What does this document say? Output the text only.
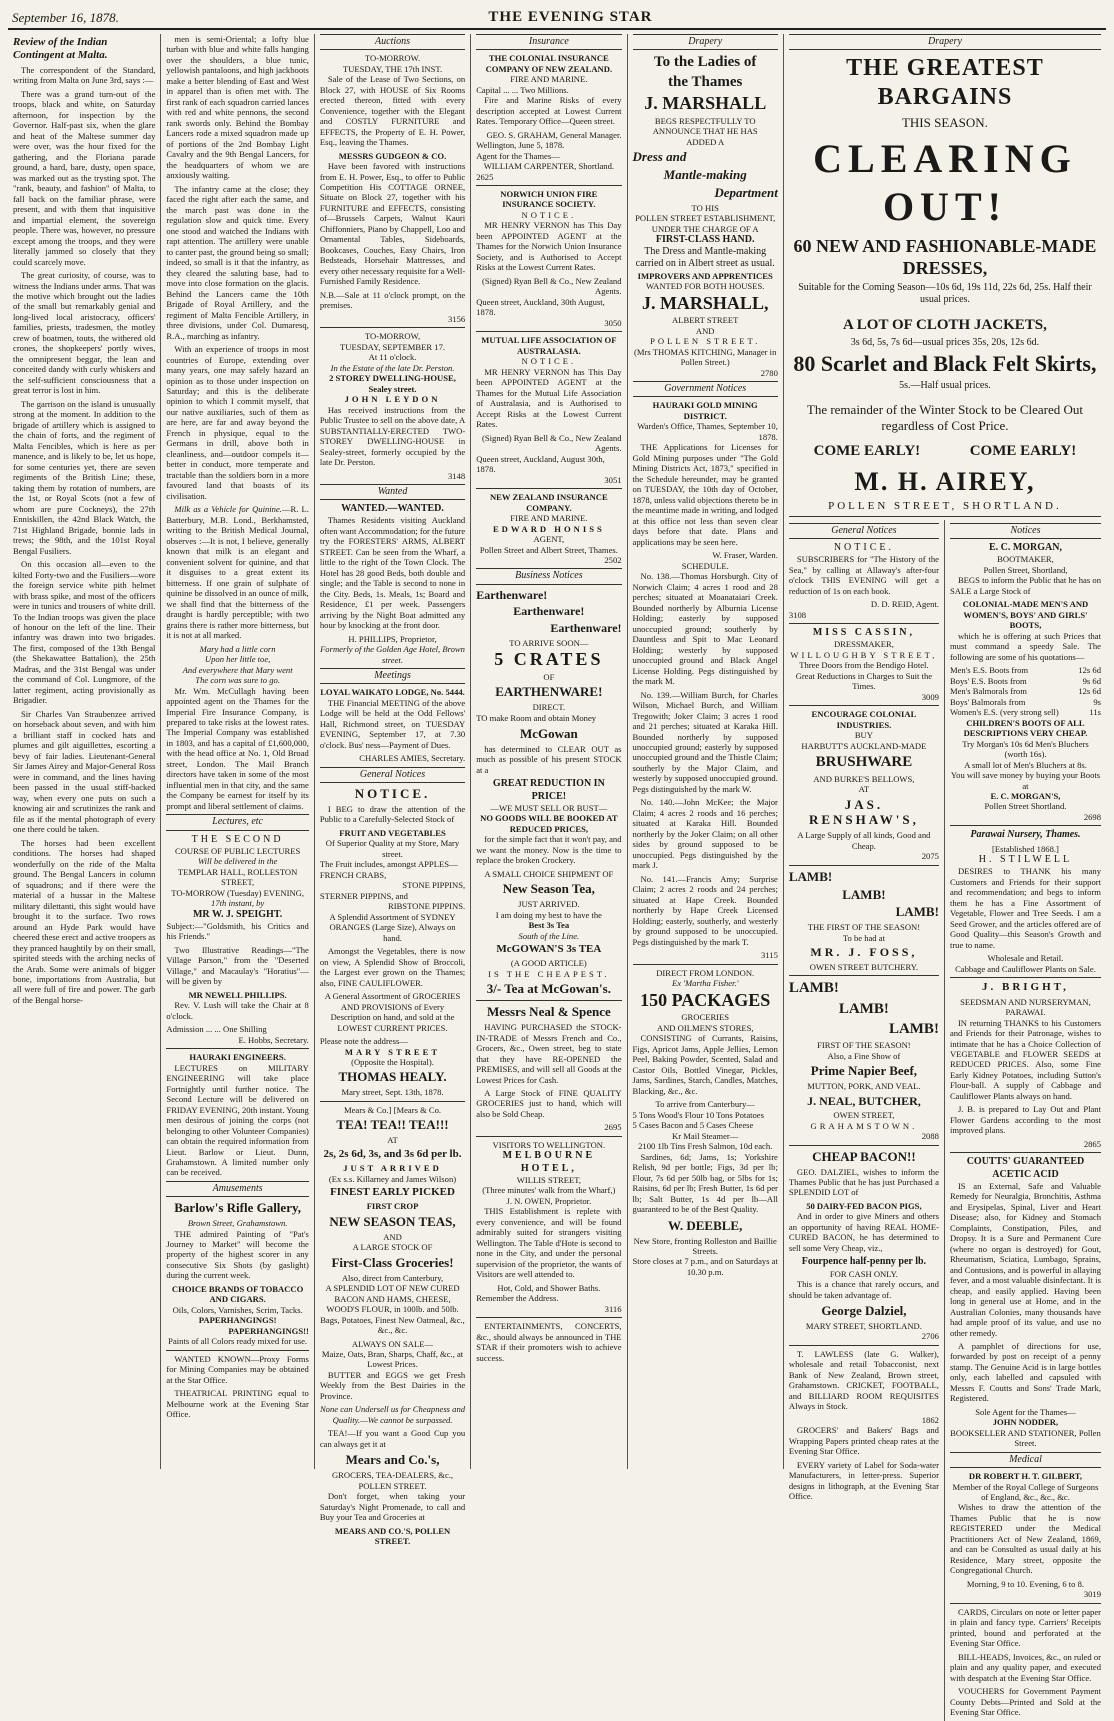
September 16, 1878.	THE EVENING STAR
Review of the Indian Contingent at Malta.

The correspondent of the Standard, writing from Malta on June 3rd, says :—

There was a grand turn-out of the troops, black and white, on Saturday afternoon, for inspection by the Governor. Half-past six, when the glare and heat of the Maltese summer day were over, was the hour fixed for the gathering, and the Floriana parade ground, a hard, bare, dusty, open space, was marked out as the trysting spot. The "rank, beauty, and fashion" of Malta, to fall back on the familiar phrase, were present, and with them that inquisitive and impartial element, the sovereign people. There was, however, no pressure except among the troops, and they were literally jammed so closely that they could scarcely move.

The great curiosity, of course, was to witness the Indians under arms. That was the motive which brought out the ladies of the small but remarkably genial and long-lived local aristocracy, officers' families, priests, tradesmen, the motley crew of boatmen, touts, the withered old crones, the shopkeepers' portly wives, the omnipresent beggar, the lean and conceited dandy with curly whiskers and the self-sufficient consciousness that a great terror is lost in him.

The garrison on the island is unusually strong at the moment. In addition to the brigade of artillery which is assigned to the chain of forts, and the regiment of Malta Fencibles, which is here as per manence, and is likely to be, let us hope, for some centuries yet, there are seven regiments of the British Line; these, taking them by rotation of numbers, are the 1st, or Royal Scots (not a few of whom are pure Cockneys), the 27th Enniskillen, the 42nd Black Watch, the 71st Highland Brigade, bonnie lads in trews; the 98th, and the 101st Royal Bengal Fusiliers.

On this occasion all—even to the kilted Forty-two and the Fusiliers—wore the foreign service white pith helmet with brass spike, and most of the officers were in tunics and trousers of white drill. To the Indian troops was given the place of honour on the left of the line. Their infantry was drawn into two brigades. The first, composed of the 13th Bengal (the Shekawattee Battalion), the 25th Madras, and the 31st Bengal was under the command of Col. Lungmore, of the latter regiment, acting provisionally as Brigadier.

Sir Charles Van Straubenzee arrived on horseback about seven, and with him a brilliant staff in cocked hats and plumes and gilt aiguillettes, escorting a bevy of fair ladies. Lieutenant-General Sir James Airey and Major-General Ross were in command, and the lines having been passed in the usual stiff-backed way, when every one puts on such a knowing air and scrutinizes the rank and file as if the mental photograph of every one there could be taken.

The horses had been excellent conditions. The horses had shaped wonderfully on the ride of the Malta ground. The Bengal Lancers in column of squadrons; and if there were the material of a hussar in the Maltese military dilettanti, this sight would have brought it to the surface. Two rows around an Hyde Park would have cheered these erect and active troopers as they pranced haughtily by on their small, spirited steeds with the arching necks of the Arab. Some were animals of bigger bone, importations from Australia, but all were full of fire and power. The garb of the Bengal horse-

men is semi-Oriental; a lofty blue turban with blue and white falls hanging over the shoulders, a blue tunic, yellowish pantaloons, and high jackboots make a better blending of East and West in apparel than is often met with. The first rank of each squadron carried lances with red and white pennons, the second rank swords only. Behind the Bombay Lancers rode a mixed squadron made up of portions of the 2nd Bombay Light Cavalry and the 9th Bengal Lancers, for the headquarters of whom we are anxiously waiting.

The infantry came at the close; they faced the right after each the same, and the march past was done in the regulation slow and quick time. Every one stood and watched the Indians with rapt attention. The artillery were unable to canter past, the ground being so small; indeed, so small is it that the infantry, as they cleared the saluting base, had to move into close formation on the glacis. Behind the Lancers came the 10th Brigade of Royal Artillery, and the regiment of Malta Fencible Artillery, in three divisions, under Col. Dumaresq, R.A., marching as infantry.

With an experience of troops in most countries of Europe, extending over many years, one may safely hazard an opinion as to those under inspection on Saturday; and this is the deliberate opinion to which I commit myself, that our native auxiliaries, such of them as are here, are far and away beyond the French in physique, equal to the Germans in drill, above both in cleanliness, and—outdoor compels it—better in conduct, more temperate and tractable than the soldiers born in a more favoured land that boasts of its civilisation.

Milk as a Vehicle for Quinine.—R. L. Batterbury, M.B. Lond., Berkhamsted, writing to the British Medical Journal, observes :—It is not, I believe, generally known that milk is an elegant and convenient solvent for quinine, and that it disguises to a great extent its bitterness. If one grain of sulphate of quinine be dissolved in an ounce of milk, we shall find that the bitterness of the draught is hardly perceptible; with two grains there is rather more bitterness, but it is not at all marked.

Mary had a little corn
Upon her little toe,
And everywhere that Mary went
The corn was sure to go.

Mr. Wm. McCullagh having been appointed agent on the Thames for the Imperial Fire Insurance Company, is prepared to take risks at the lowest rates. The Imperial Company was established in 1803, and has a capital of £1,600,000, with the head office at No. 1, Old Broad street, London. The Mail Branch directors have taken in some of the most influential men in that city, and the same the Company be earnest for itself by its prompt and liberal settlement of claims.

Lectures, etc
THE SECOND
COURSE OF PUBLIC LECTURES
Will be delivered in the
TEMPLAR HALL, ROLLESTON STREET,
TO-MORROW (Tuesday) EVENING,
17th instant, by
MR W. J. SPEIGHT.

Subject:—"Goldsmith, his Critics and his Friends."

Two Illustrative Readings—"The Village Parson," from the "Deserted Village," and Macaulay's "Horatius"—will be given by

MR NEWELL PHILLIPS.

Rev. V. Lush will take the Chair at 8 o'clock.

Admission ... ... One Shilling
E. Hobbs, Secretary.
HAURAKI ENGINEERS.

LECTURES on MILITARY ENGINEERING will take place Fortnightly until further notice. The Second Lecture will be delivered on FRIDAY EVENING, 20th instant. Young men desirous of joining the corps (not belonging to other Volunteer Companies) can obtain the required information from Lieut. Barlow or Lieut. Dunn, Grahamstown. A limited number only can be received.

Amusements
Barlow's Rifle Gallery,
Brown Street, Grahamstown.

THE admired Painting of "Pat's Journey to Market" will become the property of the highest scorer in any consecutive Six Shots (by gaslight) during the current week.

CHOICE BRANDS OF TOBACCO AND CIGARS.
Oils, Colors, Varnishes, Scrim, Tacks.
PAPERHANGINGS!
PAPERHANGINGS!!
Paints of all Colors ready mixed for use.

WANTED KNOWN—Proxy Forms for Mining Companies may be obtained at the Star Office.

THEATRICAL PRINTING equal to Melbourne work at the Evening Star Office.

Auctions
TO-MORROW.
TUESDAY, THE 17th INST.

Sale of the Lease of Two Sections, on Block 27, with HOUSE of Six Rooms erected thereon, fitted with every Convenience, together with the Elegant and COSTLY FURNITURE and EFFECTS, the Property of E. H. Power, Esq., leaving the Thames.

MESSRS GUDGEON & CO.

Have been favored with instructions from E. H. Power, Esq., to offer to Public Competition His COTTAGE ORNEE, Situate on Block 27, together with his FURNITURE and EFFECTS, consisting of—Brussels Carpets, Walnut Kauri Chiffonniers, Piano by Chappell, Loo and Ornamental Tables, Sideboards, Bookcases, Couches, Easy Chairs, Iron Bedsteads, Horsehair Mattresses, and every other necessary requisite for a Well-Furnished Family Residence.

N.B.—Sale at 11 o'clock prompt, on the premises.

3156
TO-MORROW,
TUESDAY, SEPTEMBER 17.
At 11 o'clock.
In the Estate of the late Dr. Perston.
2 STOREY DWELLING-HOUSE, Sealey street.
JOHN LEYDON

Has received instructions from the Public Trustee to sell on the above date, A SUBSTANTIALLY-ERECTED TWO-STOREY DWELLING-HOUSE in Sealey-street, formerly occupied by the late Dr. Perston.

3148
Wanted
WANTED.—WANTED.

Thames Residents visiting Auckland often want Accommodation; for the future try the FORESTERS' ARMS, ALBERT STREET. Can be seen from the Wharf, a little to the right of the Town Clock. The Hotel has 28 good Beds, both double and single; and the Table is second to none in the City. Beds, 1s. Meals, 1s; Board and Residence, £1 per week. Passengers arriving by the Night Boat admitted any hour by knocking at the front door.

H. PHILLIPS, Proprietor,
Formerly of the Golden Age Hotel, Brown street.
Meetings
LOYAL WAIKATO LODGE, No. 5444.

THE Financial MEETING of the above Lodge will be held at the Odd Fellows' Hall, Richmond street, on TUESDAY EVENING, September 17, at 7.30 o'clock. Bus' ness—Payment of Dues.

CHARLES AMIES, Secretary.
General Notices
NOTICE.

I BEG to draw the attention of the Public to a Carefully-Selected Stock of

FRUIT AND VEGETABLES
Of Superior Quality at my Store, Mary street.
The Fruit includes, amongst APPLES—
FRENCH CRABS,
STONE PIPPINS,
STERNER PIPPINS, and
RIBSTONE PIPPINS.

A Splendid Assortment of SYDNEY ORANGES (Large Size), Always on hand.

Amongst the Vegetables, there is now on view, A Splendid Show of Broccoli, the Largest ever grown on the Thames; also, FINE CAULIFLOWER.

A General Assortment of GROCERIES AND PROVISIONS of Every Description on hand, and sold at the LOWEST CURRENT PRICES.

Please note the address—
MARY STREET
(Opposite the Hospital).
THOMAS HEALY.
Mary street, Sept. 13th, 1878.
Mears & Co.] [Mears & Co.
TEA! TEA!! TEA!!!
AT
2s, 2s 6d, 3s, and 3s 6d per lb.
JUST ARRIVED
(Ex s.s. Killarney and James Wilson)
FINEST EARLY PICKED
FIRST CROP
NEW SEASON TEAS,
AND
A LARGE STOCK OF
First-Class Groceries!
Also, direct from Canterbury,

A SPLENDID LOT OF NEW CURED BACON AND HAMS, CHEESE, WOOD'S FLOUR, in 100lb. and 50lb. Bags, Potatoes, Finest New Oatmeal, &c., &c., &c.

ALWAYS ON SALE—
Maize, Oats, Bran, Sharps, Chaff, &c., at Lowest Prices.

BUTTER and EGGS we get Fresh Weekly from the Best Dairies in the Province.

None can Undersell us for Cheapness and Quality.—We cannot be surpassed.

TEA!—If you want a Good Cup you can always get it at

Mears and Co.'s,
GROCERS, TEA-DEALERS, &c., POLLEN STREET.

Don't forget, when taking your Saturday's Night Promenade, to call and Buy your Tea and Groceries at

MEARS AND CO.'S, POLLEN STREET.
Insurance
THE COLONIAL INSURANCE COMPANY OF NEW ZEALAND.
FIRE AND MARINE.
Capital ... ... Two Millions.

Fire and Marine Risks of every description accepted at Lowest Current Rates. Temporary Office—Queen street.

GEO. S. GRAHAM, General Manager.
Wellington, June 5, 1878.
Agent for the Thames—
WILLIAM CARPENTER, Shortland.
2625
NORWICH UNION FIRE INSURANCE SOCIETY.
NOTICE.

MR HENRY VERNON has This Day been APPOINTED AGENT at the Thames for the Norwich Union Insurance Society, and is Authorised to Accept Risks at the Lowest Current Rates.

(Signed) Ryan Bell & Co., New Zealand Agents.
Queen street, Auckland, 30th August, 1878.
3050
MUTUAL LIFE ASSOCIATION OF AUSTRALASIA.
NOTICE.

MR HENRY VERNON has This Day been APPOINTED AGENT at the Thames for the Mutual Life Association of Australasia, and is Authorised to Accept Risks at the Lowest Current Rates.

(Signed) Ryan Bell & Co., New Zealand Agents.
Queen street, Auckland, August 30th, 1878.
3051
NEW ZEALAND INSURANCE COMPANY.
FIRE AND MARINE.
EDWARD HONISS
AGENT,
Pollen Street and Albert Street, Thames.
2502
Business Notices
Earthenware!
Earthenware!
Earthenware!
TO ARRIVE SOON—
5 CRATES
OF
EARTHENWARE!
DIRECT.

TO make Room and obtain Money

McGowan

has determined to CLEAR OUT as much as possible of his present STOCK at a

GREAT REDUCTION IN PRICE!
—WE MUST SELL OR BUST—
NO GOODS WILL BE BOOKED AT REDUCED PRICES,

for the simple fact that it won't pay, and we want the money. Now is the time to replace the broken Crockery.

A SMALL CHOICE SHIPMENT OF
New Season Tea,
JUST ARRIVED.
I am doing my best to have the
Best 3s Tea
South of the Line.
McGOWAN'S 3s TEA
(A GOOD ARTICLE)
IS THE CHEAPEST.
3/- Tea at McGowan's.
Messrs Neal & Spence

HAVING PURCHASED the STOCK-IN-TRADE of Messrs French and Co., Grocers, &c., Owen street, beg to state that they have RE-OPENED the PREMISES, and will sell all Goods at the Lowest Prices for Cash.

A Large Stock of FINE QUALITY GROCERIES just to hand, which will also be Sold Cheap.

2695
VISITORS TO WELLINGTON.
MELBOURNE HOTEL,
WILLIS STREET,
(Three minutes' walk from the Wharf,)
J. N. OWEN, Proprietor.

THIS Establishment is replete with every convenience, and will be found admirably suited for strangers visiting Wellington. The Table d'Hote is second to none in the City, and under the personal supervision of the proprietor, the wants of Visitors are well attended to.

Hot, Cold, and Shower Baths.
Remember the Address.
3116

ENTERTAINMENTS, CONCERTS, &c., should always be announced in THE STAR if their promoters wish to achieve success.

Drapery
To the Ladies of
the Thames
J. MARSHALL
BEGS RESPECTFULLY TO ANNOUNCE THAT HE HAS
ADDED A
Dress and
Mantle-making
Department
TO HIS
POLLEN STREET ESTABLISHMENT,
UNDER THE CHARGE OF A
FIRST-CLASS HAND.
The Dress and Mantle-making carried on in Albert street as usual.
IMPROVERS AND APPRENTICES
WANTED FOR BOTH HOUSES.
J. MARSHALL,
ALBERT STREET
AND
POLLEN STREET.
(Mrs THOMAS KITCHING, Manager in Pollen Street.)
2780
Government Notices
HAURAKI GOLD MINING DISTRICT.
Warden's Office, Thames, September 10, 1878.

THE Applications for Licenses for Gold Mining purposes under "The Gold Mining Districts Act, 1873," specified in the Schedule hereunder, may be granted on TUESDAY, the 10th day of October, 1878, unless valid objections thereto be in the meantime made in writing, and lodged at this office not less than seven clear days before that date. Plans and applications may be seen here.

W. Fraser, Warden.
SCHEDULE.

No. 138.—Thomas Horsburgh. City of Norwich Claim; 4 acres 1 rood and 28 perches; situated at Moanataiari Creek. Bounded northerly by Alburnia License Holding; easterly by supposed unoccupied ground; southerly by Dauntless and Spit to Mac Leonard Holding; westerly by supposed unoccupied ground and Black Angel License Holding. Pegs distinguished by the mark M.

No. 139.—William Burch, for Charles Wilson, Michael Burch, and William Tregowith; Joker Claim; 3 acres 1 rood and 21 perches; situated at Karaka Hill. Bounded northerly by supposed unoccupied ground; easterly by supposed unoccupied ground and the Thistle Claim; southerly by the Major Claim, and westerly by supposed unoccupied ground. Pegs distinguished by the mark W.

No. 140.—John McKee; the Major Claim; 4 acres 2 roods and 16 perches; situated at Karaka Hill. Bounded northerly by the Joker Claim; on all other sides by ground supposed to be unoccupied. Pegs distinguished by the mark J.

No. 141.—Francis Amy; Surprise Claim; 2 acres 2 roods and 24 perches; situated at Hape Creek. Bounded northerly by Hape Creek Licensed Holding; easterly, southerly, and westerly by ground supposed to be unoccupied. Pegs distinguished by the mark T.

3115
DIRECT FROM LONDON.
Ex 'Martha Fisher.'
150 PACKAGES
GROCERIES
AND OILMEN'S STORES,

CONSISTING of Currants, Raisins, Figs, Apricot Jams, Apple Jellies, Lemon Peel, Baking Powder, Scented, Salad and Castor Oils, Bottled Vinegar, Pickles, Jams, Sardines, Starch, Candles, Matches, Blacking, &c., &c.

To arrive from Canterbury—
5 Tons Wood's Flour 10 Tons Potatoes
5 Cases Bacon and 5 Cases Cheese
Kr Mail Steamer—
2100 1lb Tins Fresh Salmon, 10d each.

Sardines, 6d; Jams, 1s; Yorkshire Relish, 9d per bottle; Figs, 3d per lb; Flour, 7s 6d per 50lb bag, or 5lbs for 1s; Raisins, 6d per lb; Fresh Butter, 1s 6d per lb; Salt Butter, 1s 4d per lb—All guaranteed to be of the Best Quality.

W. DEEBLE,
New Store, fronting Rolleston and Baillie Streets.
Store closes at 7 p.m., and on Saturdays at 10.30 p.m.
Drapery
THE GREATEST BARGAINS
THIS SEASON.
CLEARING OUT!
60 NEW AND FASHIONABLE-MADE DRESSES,
Suitable for the Coming Season—10s 6d, 19s 11d, 22s 6d, 25s. Half their usual prices.
A LOT OF CLOTH JACKETS,
3s 6d, 5s, 7s 6d—usual prices 35s, 20s, 12s 6d.
80 Scarlet and Black Felt Skirts,
5s.—Half usual prices.
The remainder of the Winter Stock to be Cleared Out regardless of Cost Price.
COME EARLY!	COME EARLY!
M. H. AIREY,
POLLEN STREET, SHORTLAND.
General Notices
NOTICE.

SUBSCRIBERS for "The History of the Sea," by calling at Allaway's after-four o'clock THIS EVENING will get a reduction of 1s on each book.

D. D. REID, Agent.
3108
MISS CASSIN,
DRESSMAKER,
WILLOUGHBY STREET,
Three Doors from the Bendigo Hotel.
Great Reductions in Charges to Suit the Times.
3009
ENCOURAGE COLONIAL INDUSTRIES.
BUY
HARBUTT'S AUCKLAND-MADE
BRUSHWARE
AND BURKE'S BELLOWS,
AT
JAS. RENSHAW'S,
A Large Supply of all kinds, Good and Cheap.
2075
LAMB!
LAMB!
LAMB!
THE FIRST OF THE SEASON!
To be had at
MR. J. FOSS,
OWEN STREET BUTCHERY.
LAMB!
LAMB!
LAMB!
FIRST OF THE SEASON!
Also, a Fine Show of
Prime Napier Beef,
MUTTON, PORK, AND VEAL.
J. NEAL, BUTCHER,
OWEN STREET,
GRAHAMSTOWN.
2088
CHEAP BACON!!

GEO. DALZIEL, wishes to inform the Thames Public that he has just Purchased a SPLENDID LOT of

50 DAIRY-FED BACON PIGS,

And in order to give Miners and others an opportunity of having REAL HOME-CURED BACON, he has determined to sell some Very Cheap, viz.,

Fourpence half-penny per lb.
FOR CASH ONLY.

This is a chance that rarely occurs, and should be taken advantage of.

George Dalziel,
MARY STREET, SHORTLAND.
2706

T. LAWLESS (late G. Walker), wholesale and retail Tobacconist, next Bank of New Zealand, Brown street, Grahamstown. CRICKET, FOOTBALL, and BILLIARD ROOM REQUISITES Always in Stock.

1862

GROCERS' and Bakers' Bags and Wrapping Papers printed cheap rates at the Evening Star Office.

EVERY variety of Label for Soda-water Manufacturers, in letter-press. Superior designs in lithograph, at the Evening Star Office.

Notices
E. C. MORGAN,
BOOTMAKER,
Pollen Street, Shortland,

BEGS to inform the Public that he has on SALE a Large Stock of

COLONIAL-MADE MEN'S AND WOMEN'S, BOYS' AND GIRLS' BOOTS,

which he is offering at such Prices that must command a speedy Sale. The following are some of his quotations—

Men's E.S. Boots from	12s 6d
Boys' E.S. Boots from	9s 6d
Men's Balmorals from	12s 6d
Boys' Balmorals from	9s
Women's E.S. (very strong sell)	11s
CHILDREN'S BOOTS OF ALL DESCRIPTIONS VERY CHEAP.
Try Morgan's 10s 6d Men's Bluchers (worth 16s).
A small lot of Men's Bluchers at 8s.
You will save money by buying your Boots at
E. C. MORGAN'S,
Pollen Street Shortland.
2698
Parawai Nursery, Thames.
[Established 1868.]
H. STILWELL

DESIRES to THANK his many Customers and Friends for their support and recommendation; and begs to inform them he has a Fine Assortment of Vegetable, Flower and Tree Seeds. I am a Seed Grower, and the articles offered are of Good Quality—this Season's Growth and true to name.

Wholesale and Retail.
Cabbage and Cauliflower Plants on Sale.
J. BRIGHT,
SEEDSMAN AND NURSERYMAN,
PARAWAI.

IN returning THANKS to his Customers and Friends for their Patronage, wishes to intimate that he has a Choice Collection of VEGETABLE and FLOWER SEEDS at REDUCED PRICES. Also, some Fine Early Kidney Potatoes, including Sutton's Flour-ball. A supply of Cabbage and Cauliflower Plants always on hand.

J. B. is prepared to Lay Out and Plant Flower Gardens according to the most improved plans.

2865
COUTTS' GUARANTEED ACETIC ACID

IS an External, Safe and Valuable Remedy for Neuralgia, Bronchitis, Asthma and Erysipelas, Spinal, Liver and Heart Disease; also, for Kidney and Stomach Complaints, Constipation, Piles, and Dropsy. It is a Sure and Permanent Cure (where no organ is destroyed) for Gout, Rheumatism, Sciatica, Lumbago, Sprains, and Contusions, and is powerful in allaying fever, and a most valuable disinfectant. It is cheap, and easily applied. Having been long in general use at Home, and in the Australian Colonies, many thousands have had ample proof of its value, and use no other remedy.

A pamphlet of directions for use, forwarded by post on receipt of a penny stamp. The Genuine Acid is in large bottles only, each labelled and capsuled with Messrs F. Coutts and Sons' Trade Mark, Registered.

Sole Agent for the Thames—
JOHN NODDER,
BOOKSELLER AND STATIONER, Pollen Street.
Medical
DR ROBERT H. T. GILBERT,
Member of the Royal College of Surgeons of England, &c., &c., &c.

Wishes to draw the attention of the Thames Public that he is now REGISTERED under the Medical Practitioners Act of New Zealand, 1869, and can be Consulted as usual daily at his Residence, Mary street, opposite the Congregational Church.

Morning, 9 to 10. Evening, 6 to 8.
3019

CARDS, Circulars on note or letter paper in plain and fancy type. Carriers' Receipts printed, bound and perforated at the Evening Star Office.

BILL-HEADS, Invoices, &c., on ruled or plain and any quality paper, and executed with despatch at the Evening Star Office.

VOUCHERS for Government Payment County Debts—Printed and Sold at the Evening Star Office.
